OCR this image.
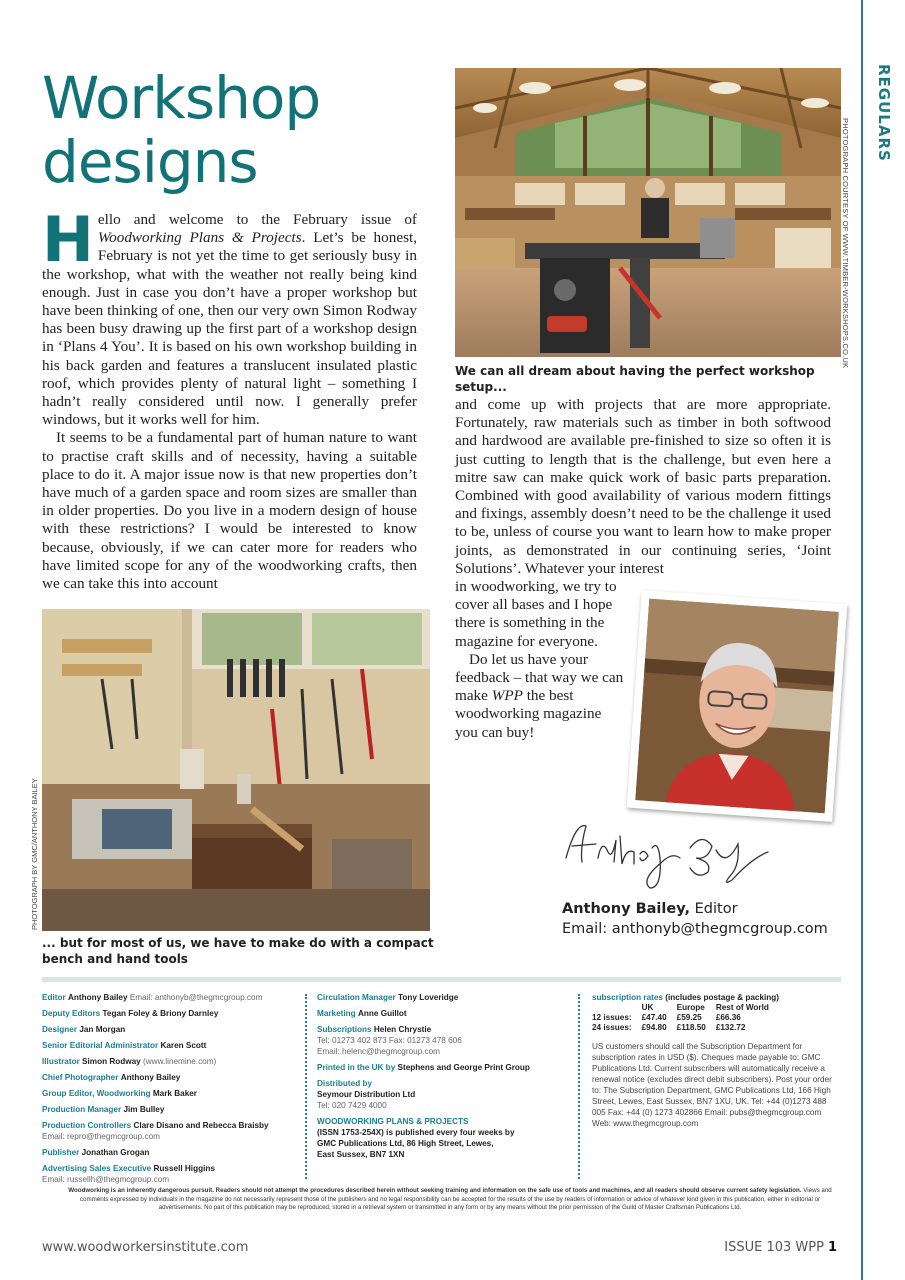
REGULARS
PHOTOGRAPH COURTESY OF WWW.TIMBER-WORKSHOPS.CO.UK
PHOTOGRAPH BY GMC/ANTHONY BAILEY
Workshop designs

Hello and welcome to the February issue of Woodworking Plans & Projects. Let’s be honest, February is not yet the time to get seriously busy in the workshop, what with the weather not really being kind enough. Just in case you don’t have a proper workshop but have been thinking of one, then our very own Simon Rodway has been busy drawing up the first part of a workshop design in ‘Plans 4 You’. It is based on his own workshop building in his back garden and features a translucent insulated plastic roof, which provides plenty of natural light – something I hadn’t really considered until now. I generally prefer windows, but it works well for him.

It seems to be a fundamental part of human nature to want to practise craft skills and of necessity, having a suitable place to do it. A major issue now is that new properties don’t have much of a garden space and room sizes are smaller than in older properties. Do you live in a modern design of house with these restrictions? I would be interested to know because, obviously, if we can cater more for readers who have limited scope for any of the woodworking crafts, then we can take this into account

We can all dream about having the perfect workshop setup...

and come up with projects that are more appropriate. Fortunately, raw materials such as timber in both softwood and hardwood are available pre-finished to size so often it is just cutting to length that is the challenge, but even here a mitre saw can make quick work of basic parts preparation. Combined with good availability of various modern fittings and fixings, assembly doesn’t need to be the challenge it used to be, unless of course you want to learn how to make proper joints, as demonstrated in our continuing series, ‘Joint Solutions’. Whatever your interest

in woodworking, we try to cover all bases and I hope there is something in the magazine for everyone.

Do let us have your feedback – that way we can make WPP the best woodworking magazine you can buy!

Anthony Bailey, Editor
Email: anthonyb@thegmcgroup.com
... but for most of us, we have to make do with a compact bench and hand tools
Editor Anthony Bailey Email: anthonyb@thegmcgroup.com
Deputy Editors Tegan Foley & Briony Darnley
Designer Jan Morgan
Senior Editorial Administrator Karen Scott
Illustrator Simon Rodway (www.linemine.com)
Chief Photographer Anthony Bailey
Group Editor, Woodworking Mark Baker
Production Manager Jim Bulley
Production Controllers Clare Disano and Rebecca Braisby
Email: repro@thegmcgroup.com
Publisher Jonathan Grogan
Advertising Sales Executive Russell Higgins
Email: russellh@thegmcgroup.com
Circulation Manager Tony Loveridge
Marketing Anne Guillot
Subscriptions Helen Chrystie
Tel: 01273 402 873 Fax: 01273 478 606
Email: helenc@thegmcgroup.com
Printed in the UK by Stephens and George Print Group
Distributed by
Seymour Distribution Ltd
Tel: 020 7429 4000
WOODWORKING PLANS & PROJECTS
(ISSN 1753-254X) is published every four weeks by
GMC Publications Ltd, 86 High Street, Lewes,
East Sussex, BN7 1XN
subscription rates (includes postage & packing)
	UK	Europe	Rest of World
12 issues:	£47.40	£59.25	£66.36
24 issues:	£94.80	£118.50	£132.72
US customers should call the Subscription Department for subscription rates in USD ($). Cheques made payable to: GMC Publications Ltd. Current subscribers will automatically receive a renewal notice (excludes direct debit subscribers). Post your order to: The Subscription Department, GMC Publications Ltd, 166 High Street, Lewes, East Sussex, BN7 1XU, UK. Tel: +44 (0)1273 488 005 Fax: +44 (0) 1273 402866 Email: pubs@thegmcgroup.com Web: www.thegmcgroup.com
Woodworking is an inherently dangerous pursuit. Readers should not attempt the procedures described herein without seeking training and information on the safe use of tools and machines, and all readers should observe current safety legislation. Views and comments expressed by individuals in the magazine do not necessarily represent those of the publishers and no legal responsibility can be accepted for the results of the use by readers of information or advice of whatever kind given in this publication, either in editorial or advertisements. No part of this publication may be reproduced, stored in a retrieval system or transmitted in any form or by any means without the prior permission of the Guild of Master Craftsman Publications Ltd.
www.woodworkersinstitute.com	ISSUE 103 WPP 1
